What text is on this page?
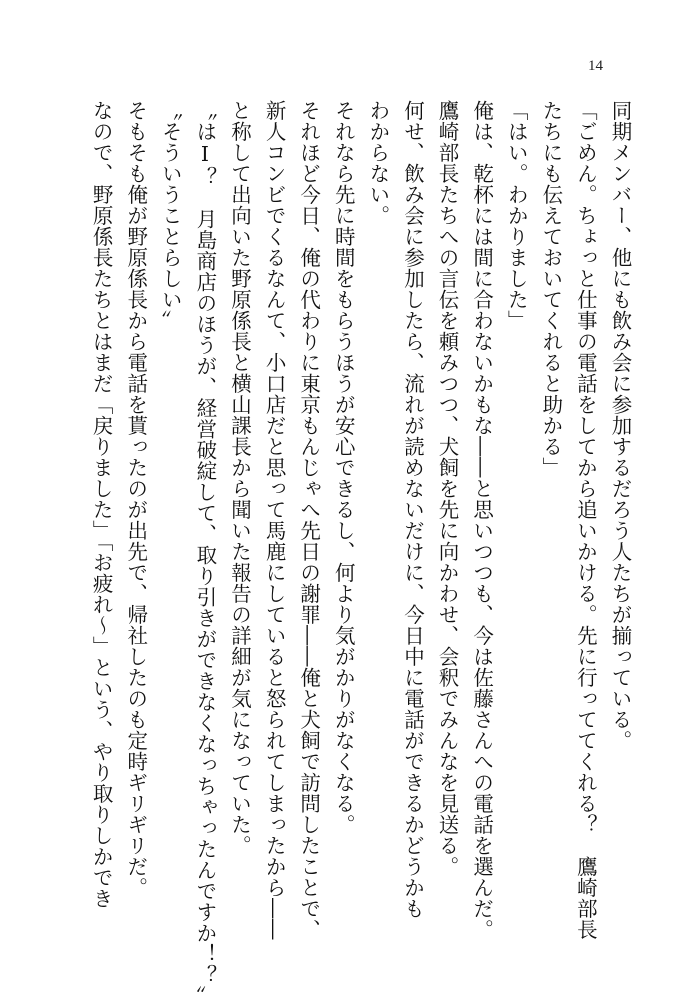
14
同期メンバー、他にも飲み会に参加するだろう人たちが揃っている。
「ごめん。ちょっと仕事の電話をしてから追いかける。先に行っててくれる？　鷹崎部長
たちにも伝えておいてくれると助かる」
「はい。わかりました」
俺は、乾杯には間に合わないかもな――と思いつつも、今は佐藤さんへの電話を選んだ。
鷹崎部長たちへの言伝を頼みつつ、犬飼を先に向かわせ、会釈でみんなを見送る。
何せ、飲み会に参加したら、流れが読めないだけに、今日中に電話ができるかどうかも
わからない。
それなら先に時間をもらうほうが安心できるし、何より気がかりがなくなる。
それほど今日、俺の代わりに東京もんじゃへ先日の謝罪――俺と犬飼で訪問したことで、
新人コンビでくるなんて、小口店だと思って馬鹿にしていると怒られてしまったから――
と称して出向いた野原係長と横山課長から聞いた報告の詳細が気になっていた。
〝はⅠ？　月島商店のほうが、経営破綻して、取り引きができなくなっちゃったんですか！？〟
〝そういうことらしい〟
そもそも俺が野原係長から電話を貰ったのが出先で、帰社したのも定時ギリギリだ。
なので、野原係長たちとはまだ「戻りました」「お疲れ～」という、やり取りしかでき
